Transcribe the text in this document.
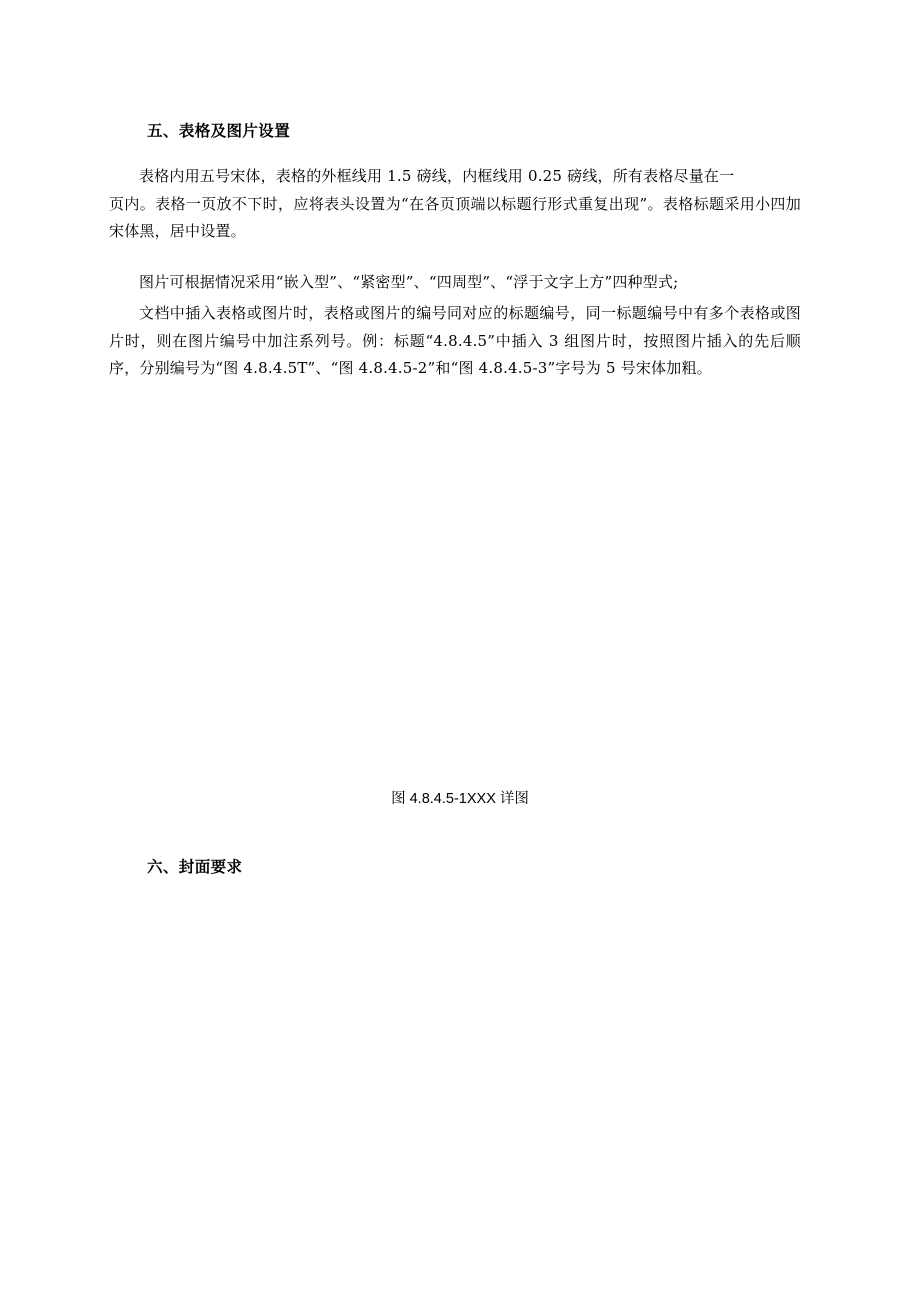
五、表格及图片设置

表格内用五号宋体，表格的外框线用 1.5 磅线，内框线用 0.25 磅线，所有表格尽量在一

页内。表格一页放不下时，应将表头设置为“在各页顶端以标题行形式重复出现”。表格标题采用小四加宋体黑，居中设置。

图片可根据情况采用“嵌入型”、“紧密型”、“四周型”、“浮于文字上方”四种型式;

文档中插入表格或图片时，表格或图片的编号同对应的标题编号，同一标题编号中有多个表格或图片时，则在图片编号中加注系列号。例：标题“4.8.4.5”中插入 3 组图片时，按照图片插入的先后顺序，分别编号为“图 4.8.4.5T”、“图 4.8.4.5-2”和“图 4.8.4.5-3”字号为 5 号宋体加粗。

图 4.8.4.5-1XXX 详图
六、封面要求
